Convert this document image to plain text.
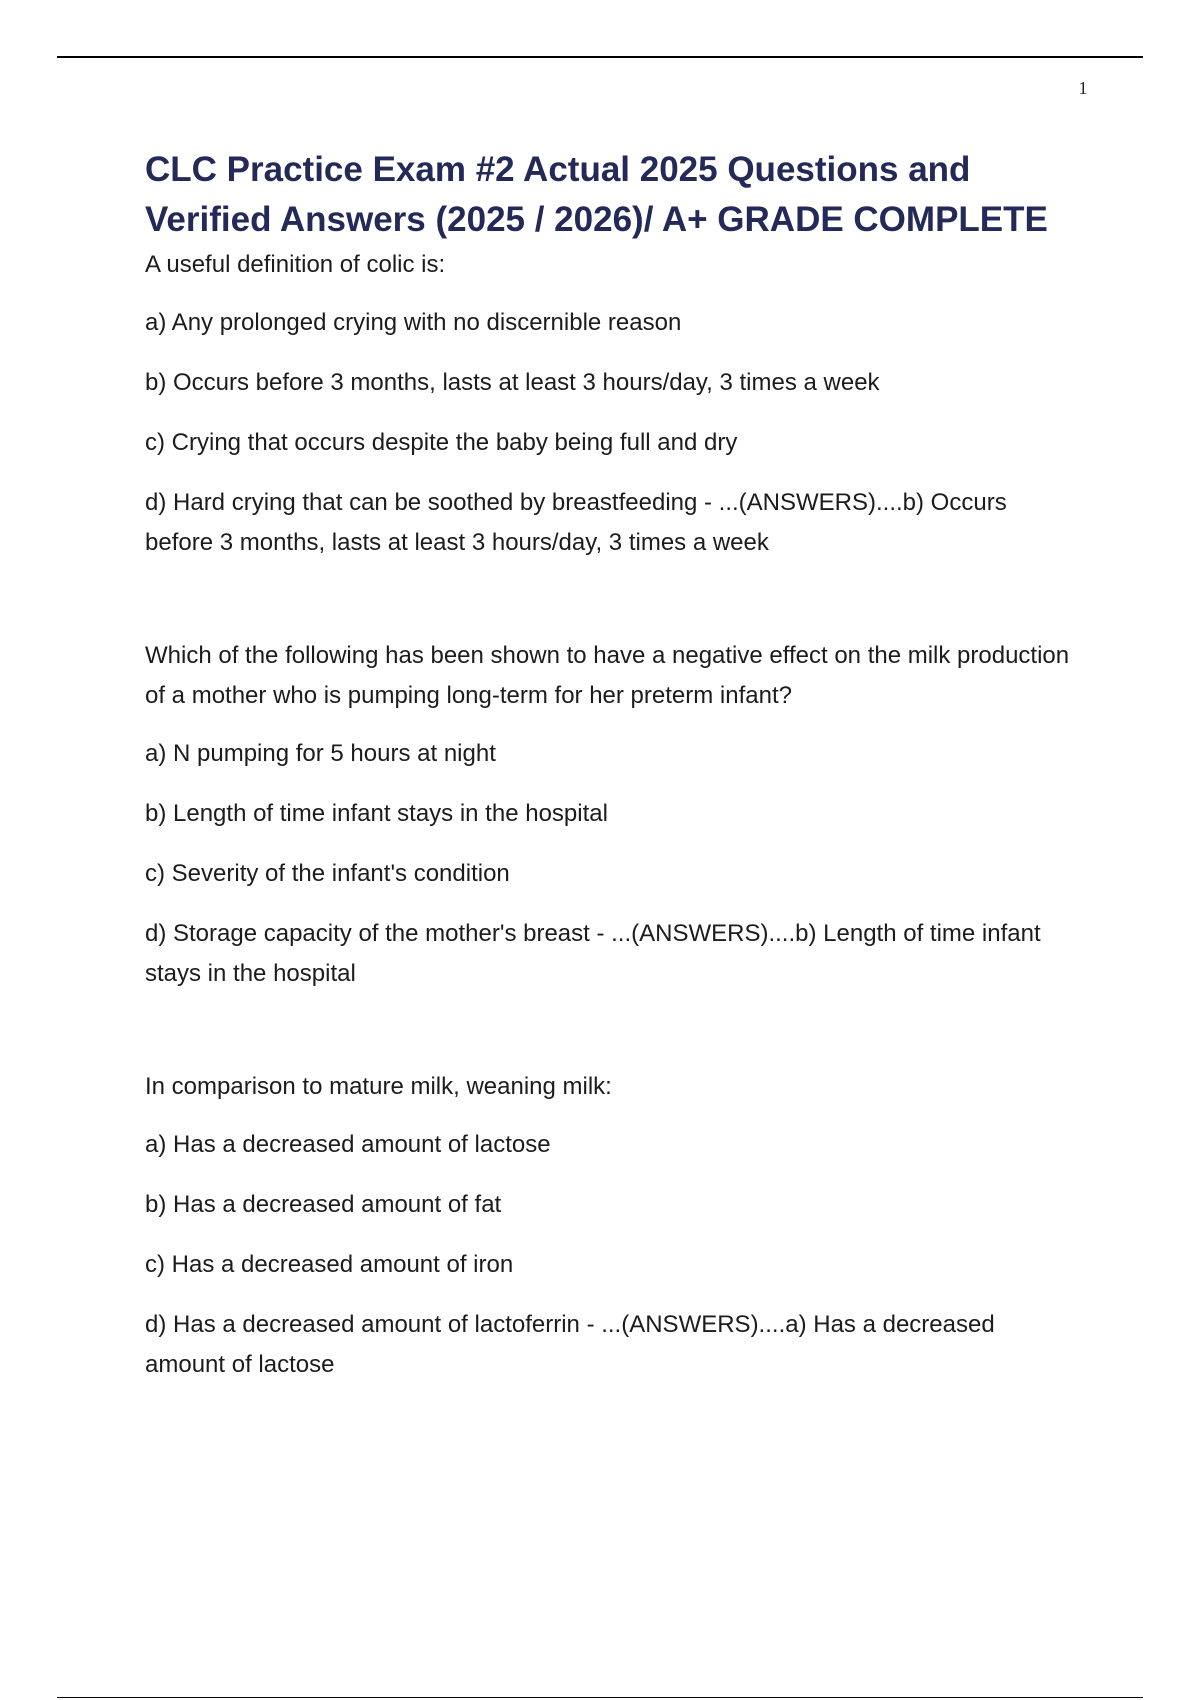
1
CLC Practice Exam #2 Actual 2025 Questions and Verified Answers (2025 / 2026)/ A+ GRADE COMPLETE

A useful definition of colic is:

a) Any prolonged crying with no discernible reason

b) Occurs before 3 months, lasts at least 3 hours/day, 3 times a week

c) Crying that occurs despite the baby being full and dry

d) Hard crying that can be soothed by breastfeeding - ...(ANSWERS)....b) Occurs before 3 months, lasts at least 3 hours/day, 3 times a week

Which of the following has been shown to have a negative effect on the milk production of a mother who is pumping long-term for her preterm infant?

a) N pumping for 5 hours at night

b) Length of time infant stays in the hospital

c) Severity of the infant's condition

d) Storage capacity of the mother's breast - ...(ANSWERS)....b) Length of time infant stays in the hospital

In comparison to mature milk, weaning milk:

a) Has a decreased amount of lactose

b) Has a decreased amount of fat

c) Has a decreased amount of iron

d) Has a decreased amount of lactoferrin - ...(ANSWERS)....a) Has a decreased amount of lactose
